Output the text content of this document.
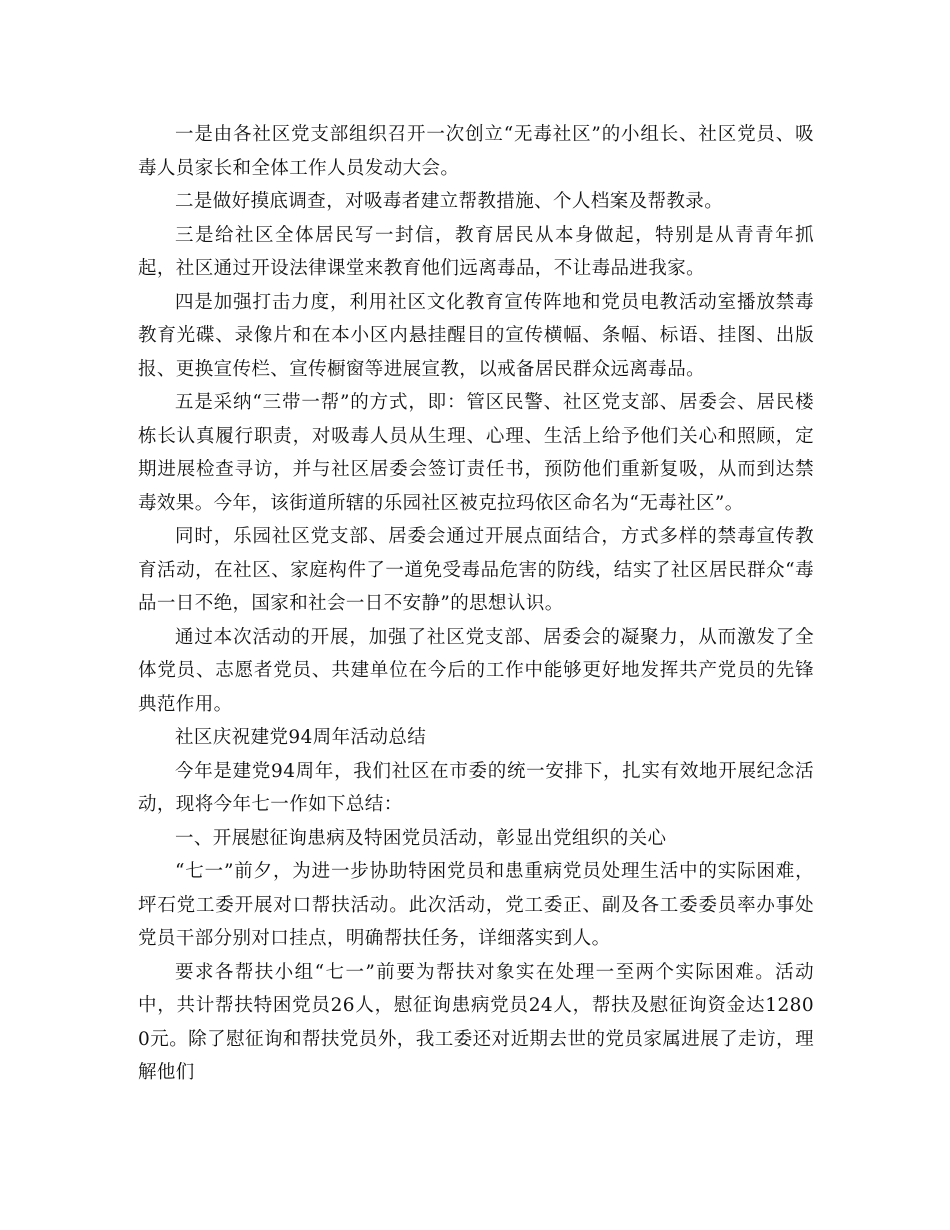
一是由各社区党支部组织召开一次创立“无毒社区”的小组长、社区党员、吸毒人员家长和全体工作人员发动大会。

二是做好摸底调查，对吸毒者建立帮教措施、个人档案及帮教录。

三是给社区全体居民写一封信，教育居民从本身做起，特别是从青青年抓起，社区通过开设法律课堂来教育他们远离毒品，不让毒品进我家。

四是加强打击力度，利用社区文化教育宣传阵地和党员电教活动室播放禁毒教育光碟、录像片和在本小区内悬挂醒目的宣传横幅、条幅、标语、挂图、出版报、更换宣传栏、宣传橱窗等进展宣教，以戒备居民群众远离毒品。

五是采纳“三带一帮”的方式，即：管区民警、社区党支部、居委会、居民楼栋长认真履行职责，对吸毒人员从生理、心理、生活上给予他们关心和照顾，定期进展检查寻访，并与社区居委会签订责任书，预防他们重新复吸，从而到达禁毒效果。今年，该街道所辖的乐园社区被克拉玛依区命名为“无毒社区”。

同时，乐园社区党支部、居委会通过开展点面结合，方式多样的禁毒宣传教育活动，在社区、家庭构件了一道免受毒品危害的防线，结实了社区居民群众“毒品一日不绝，国家和社会一日不安静”的思想认识。

通过本次活动的开展，加强了社区党支部、居委会的凝聚力，从而激发了全体党员、志愿者党员、共建单位在今后的工作中能够更好地发挥共产党员的先锋典范作用。

社区庆祝建党94周年活动总结

今年是建党94周年，我们社区在市委的统一安排下，扎实有效地开展纪念活动，现将今年七一作如下总结：

一、开展慰征询患病及特困党员活动，彰显出党组织的关心

“七一”前夕，为进一步协助特困党员和患重病党员处理生活中的实际困难，坪石党工委开展对口帮扶活动。此次活动，党工委正、副及各工委委员率办事处党员干部分别对口挂点，明确帮扶任务，详细落实到人。

要求各帮扶小组“七一”前要为帮扶对象实在处理一至两个实际困难。活动中，共计帮扶特困党员26人，慰征询患病党员24人，帮扶及慰征询资金达12800元。除了慰征询和帮扶党员外，我工委还对近期去世的党员家属进展了走访，理解他们
